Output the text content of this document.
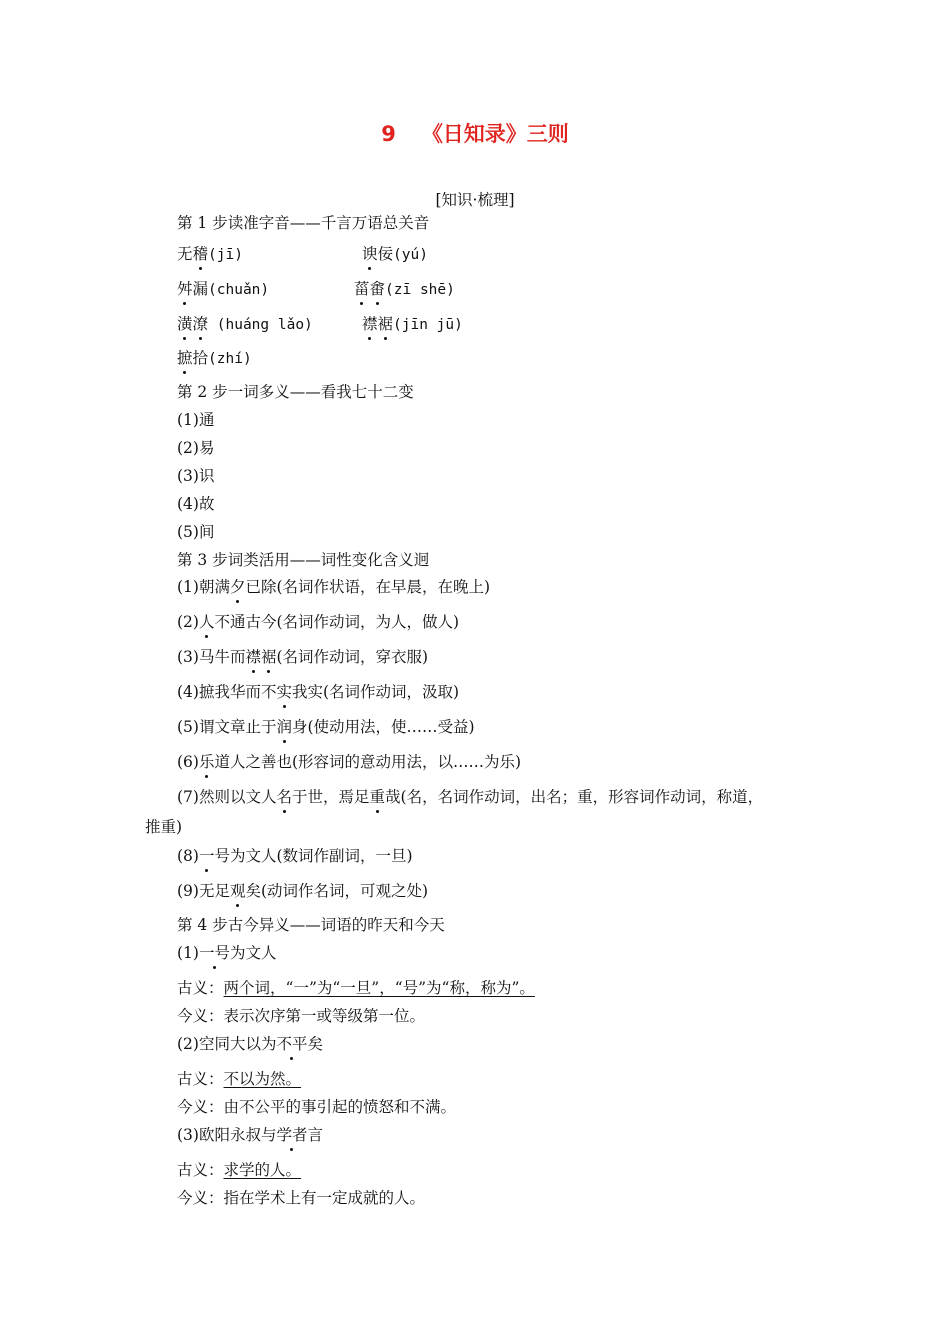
9 《日知录》三则
[知识·梳理]
第 1 步读准字音——千言万语总关音
无稽(jī)	谀佞(yú)
舛漏(chuǎn)	菑畬(zī shē)
潢潦 (huáng lǎo)	襟裾(jīn jū)
摭拾(zhí)
第 2 步一词多义——看我七十二变
(1)通
(2)易
(3)识
(4)故
(5)间
第 3 步词类活用——词性变化含义迥
(1)朝满夕已除(名词作状语，在早晨，在晚上)
(2)人不通古今(名词作动词，为人，做人)
(3)马牛而襟裾(名词作动词，穿衣服)
(4)摭我华而不实我实(名词作动词，汲取)
(5)谓文章止于润身(使动用法，使……受益)
(6)乐道人之善也(形容词的意动用法，以……为乐)
(7)然则以文人名于世，焉足重哉(名，名词作动词，出名；重，形容词作动词，称道，
推重)
(8)一号为文人(数词作副词，一旦)
(9)无足观矣(动词作名词，可观之处)
第 4 步古今异义——词语的昨天和今天
(1)一号为文人
古义：两个词，“一”为“一旦”，“号”为“称，称为”。
今义：表示次序第一或等级第一位。
(2)空同大以为不平矣
古义：不以为然。
今义：由不公平的事引起的愤怒和不满。
(3)欧阳永叔与学者言
古义：求学的人。
今义：指在学术上有一定成就的人。
